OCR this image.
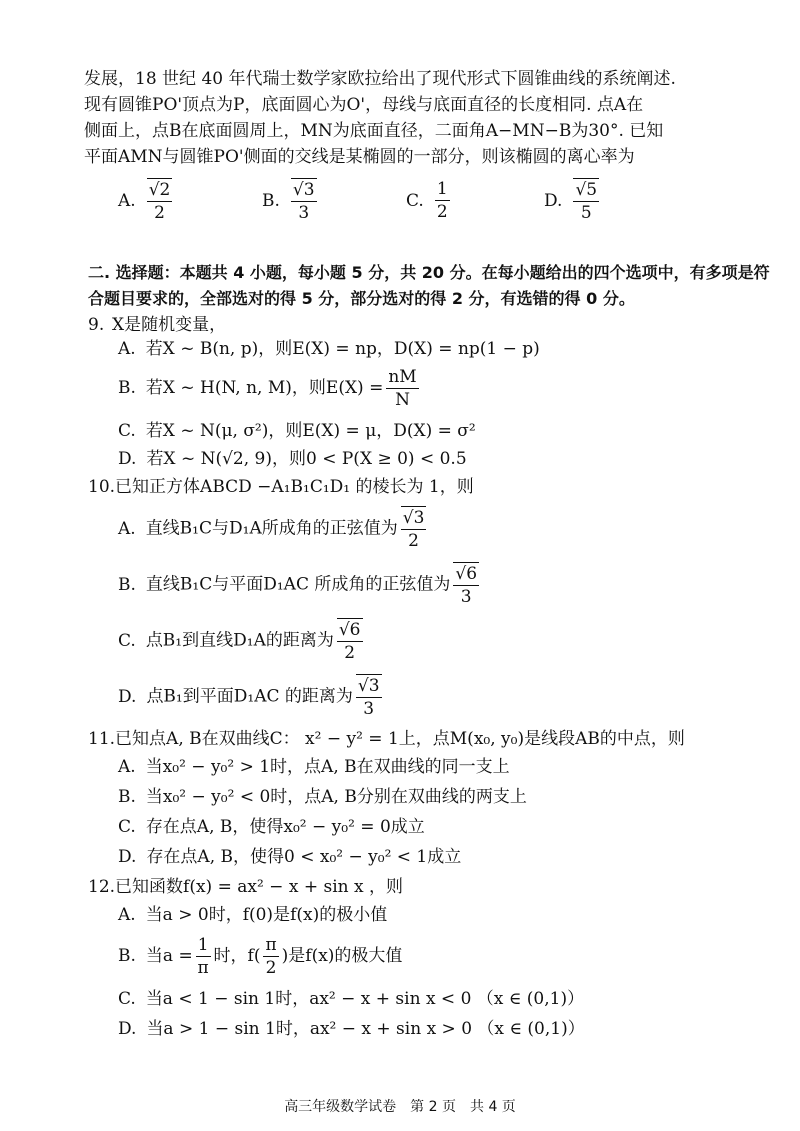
发展，18 世纪 40 年代瑞士数学家欧拉给出了现代形式下圆锥曲线的系统阐述.
现有圆锥PO'顶点为P，底面圆心为O'，母线与底面直径的长度相同. 点A在
侧面上，点B在底面圆周上，MN为底面直径，二面角A−MN−B为30°. 已知
平面AMN与圆锥PO'侧面的交线是某椭圆的一部分，则该椭圆的离心率为
A. $\frac{√2}{2}$	B. $\frac{√3}{3}$	C. $\frac{1}{2}$	D. $\frac{√5}{5}$
二. 选择题：本题共 4 小题，每小题 5 分，共 20 分。在每小题给出的四个选项中，有多项是符
合题目要求的，全部选对的得 5 分，部分选对的得 2 分，有选错的得 0 分。
9. X是随机变量，
A. 若X ~ B(n, p)，则E(X) = np，D(X) = np(1 − p)
B. 若X ~ H(N, n, M)，则$E(X) = \frac{nM}{N}$
C. 若X ~ N(μ, σ²)，则E(X) = μ，D(X) = σ²
D. 若X ~ N(√2, 9)，则0 < P(X ≥ 0) < 0.5
10.已知正方体ABCD −A₁B₁C₁D₁ 的棱长为 1，则
A. 直线B₁C与D₁A所成角的正弦值为 $\frac{√3}{2}$
B. 直线B₁C与平面D₁AC 所成角的正弦值为 $\frac{√6}{3}$
C. 点B₁到直线D₁A的距离为 $\frac{√6}{2}$
D. 点B₁到平面D₁AC 的距离为 $\frac{√3}{3}$
11.已知点A, B在双曲线C： x² − y² = 1上，点M(x₀, y₀)是线段AB的中点，则
A. 当x₀² − y₀² > 1时，点A, B在双曲线的同一支上
B. 当x₀² − y₀² < 0时，点A, B分别在双曲线的两支上
C. 存在点A, B，使得x₀² − y₀² = 0成立
D. 存在点A, B，使得0 < x₀² − y₀² < 1成立
12.已知函数f(x) = ax² − x + sin x ，则
A. 当a > 0时，f(0)是f(x)的极小值
B. 当$a = \frac{1}{\pi}$ 时，$f( \frac{\pi}{2}$ )是f(x)的极大值
C. 当a < 1 − sin 1时，ax² − x + sin x < 0 （x ∈ (0,1)）
D. 当a > 1 − sin 1时，ax² − x + sin x > 0 （x ∈ (0,1)）
高三年级数学试卷　第 2 页　共 4 页
